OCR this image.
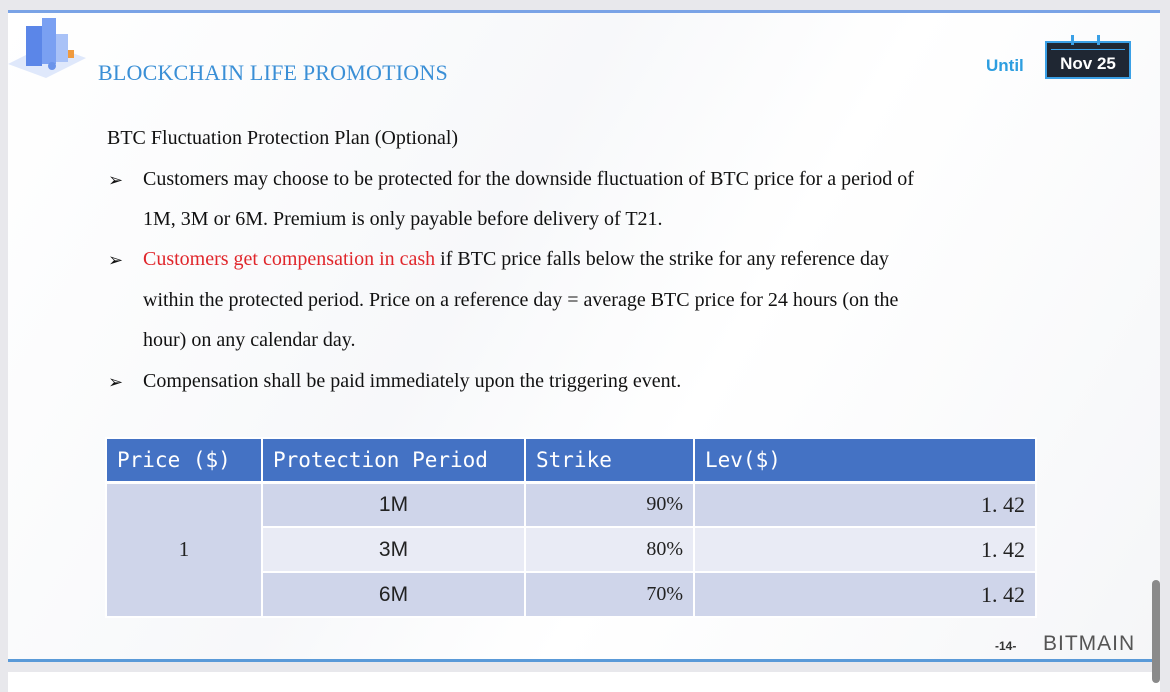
BLOCKCHAIN LIFE PROMOTIONS	Until	Nov 25
BTC Fluctuation Protection Plan (Optional)
➢ Customers may choose to be protected for the downside fluctuation of BTC price for a period of
1M, 3M or 6M. Premium is only payable before delivery of T21.
➢ Customers get compensation in cash if BTC price falls below the strike for any reference day
within the protected period. Price on a reference day = average BTC price for 24 hours (on the
hour) on any calendar day.
➢ Compensation shall be paid immediately upon the triggering event.
Price ($)	Protection Period	Strike	Lev($)
1	1M	90%	1. 42
	3M	80%	1. 42
	6M	70%	1. 42
-14- BITMAIN
